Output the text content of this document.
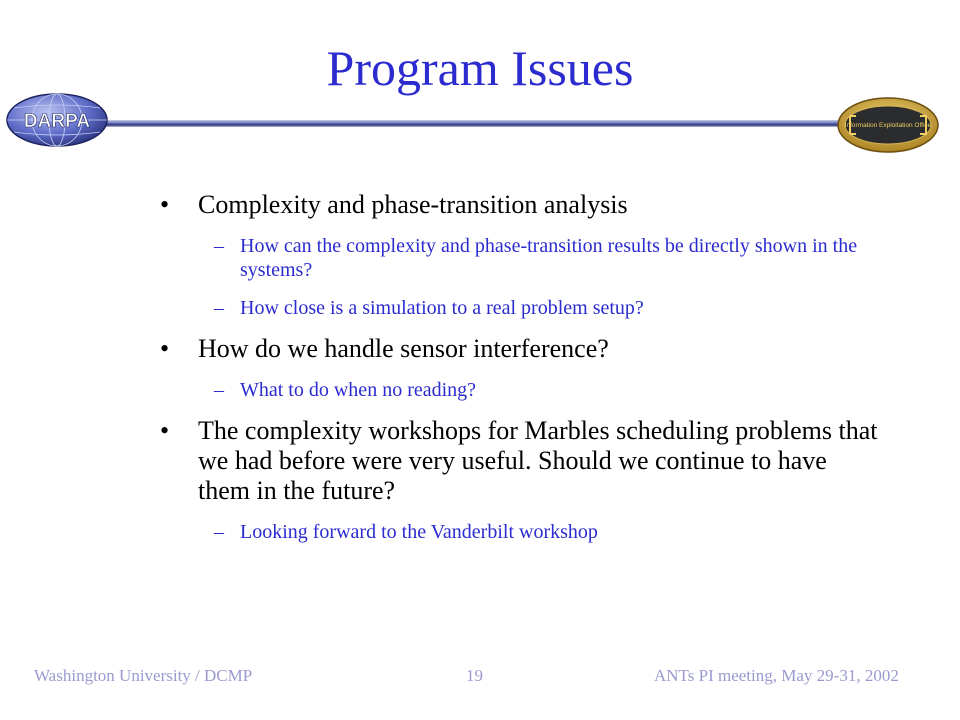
Program Issues
DARPA	Information Exploitation Office
• Complexity and phase-transition analysis
– How can the complexity and phase-transition results be directly shown in the systems?
– How close is a simulation to a real problem setup?
• How do we handle sensor interference?
– What to do when no reading?
• The complexity workshops for Marbles scheduling problems that we had before were very useful. Should we continue to have them in the future?
– Looking forward to the Vanderbilt workshop
Washington University / DCMP	19	ANTs PI meeting, May 29-31, 2002
